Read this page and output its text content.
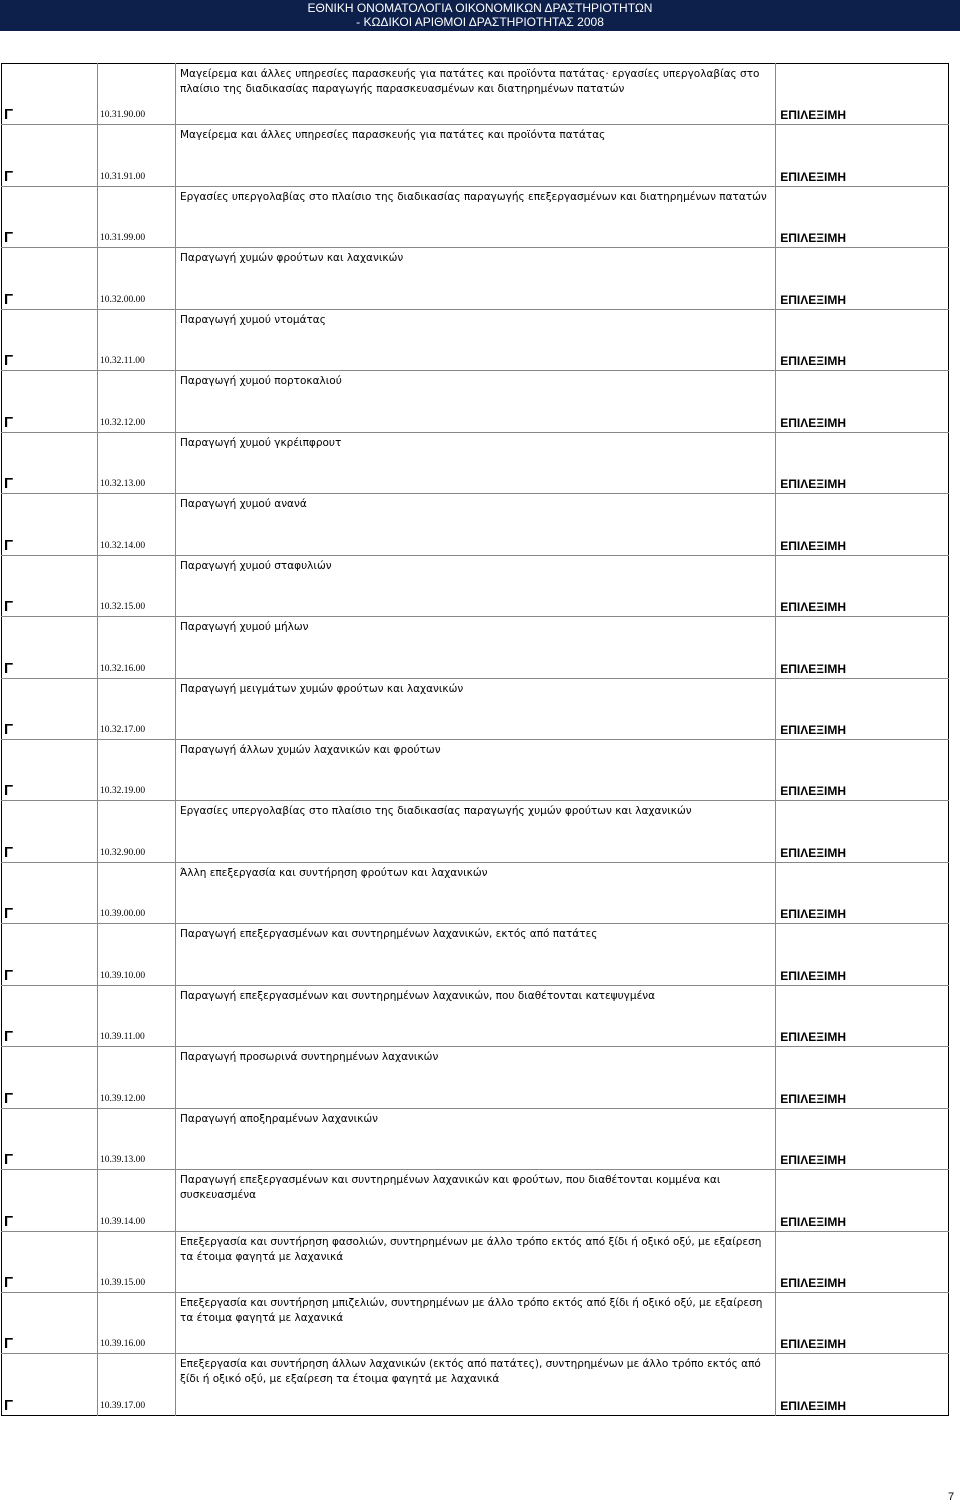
ΕΘΝΙΚΗ ΟΝΟΜΑΤΟΛΟΓΙΑ ΟΙΚΟΝΟΜΙΚΩΝ ΔΡΑΣΤΗΡΙΟΤΗΤΩΝ
- ΚΩΔΙΚΟΙ ΑΡΙΘΜΟΙ ΔΡΑΣΤΗΡΙΟΤΗΤΑΣ 2008
Μαγείρεμα και άλλες υπηρεσίες παρασκευής για πατάτες και προϊόντα πατάτας· εργασίες υπεργολαβίας στο πλαίσιο της διαδικασίας παραγωγής παρασκευασμένων και διατηρημένων πατατών
Γ	10.31.90.00	ΕΠΙΛΕΞΙΜΗ
Μαγείρεμα και άλλες υπηρεσίες παρασκευής για πατάτες και προϊόντα πατάτας
Γ	10.31.91.00	ΕΠΙΛΕΞΙΜΗ
Εργασίες υπεργολαβίας στο πλαίσιο της διαδικασίας παραγωγής επεξεργασμένων και διατηρημένων πατατών
Γ	10.31.99.00	ΕΠΙΛΕΞΙΜΗ
Παραγωγή χυμών φρούτων και λαχανικών
Γ	10.32.00.00	ΕΠΙΛΕΞΙΜΗ
Παραγωγή χυμού ντομάτας
Γ	10.32.11.00	ΕΠΙΛΕΞΙΜΗ
Παραγωγή χυμού πορτοκαλιού
Γ	10.32.12.00	ΕΠΙΛΕΞΙΜΗ
Παραγωγή χυμού γκρέιπφρουτ
Γ	10.32.13.00	ΕΠΙΛΕΞΙΜΗ
Παραγωγή χυμού ανανά
Γ	10.32.14.00	ΕΠΙΛΕΞΙΜΗ
Παραγωγή χυμού σταφυλιών
Γ	10.32.15.00	ΕΠΙΛΕΞΙΜΗ
Παραγωγή χυμού μήλων
Γ	10.32.16.00	ΕΠΙΛΕΞΙΜΗ
Παραγωγή μειγμάτων χυμών φρούτων και λαχανικών
Γ	10.32.17.00	ΕΠΙΛΕΞΙΜΗ
Παραγωγή άλλων χυμών λαχανικών και φρούτων
Γ	10.32.19.00	ΕΠΙΛΕΞΙΜΗ
Εργασίες υπεργολαβίας στο πλαίσιο της διαδικασίας παραγωγής χυμών φρούτων και λαχανικών
Γ	10.32.90.00	ΕΠΙΛΕΞΙΜΗ
Άλλη επεξεργασία και συντήρηση φρούτων και λαχανικών
Γ	10.39.00.00	ΕΠΙΛΕΞΙΜΗ
Παραγωγή επεξεργασμένων και συντηρημένων λαχανικών, εκτός από πατάτες
Γ	10.39.10.00	ΕΠΙΛΕΞΙΜΗ
Παραγωγή επεξεργασμένων και συντηρημένων λαχανικών, που διαθέτονται κατεψυγμένα
Γ	10.39.11.00	ΕΠΙΛΕΞΙΜΗ
Παραγωγή προσωρινά συντηρημένων λαχανικών
Γ	10.39.12.00	ΕΠΙΛΕΞΙΜΗ
Παραγωγή αποξηραμένων λαχανικών
Γ	10.39.13.00	ΕΠΙΛΕΞΙΜΗ
Παραγωγή επεξεργασμένων και συντηρημένων λαχανικών και φρούτων, που διαθέτονται κομμένα και συσκευασμένα
Γ	10.39.14.00	ΕΠΙΛΕΞΙΜΗ
Επεξεργασία και συντήρηση φασολιών, συντηρημένων με άλλο τρόπο εκτός από ξίδι ή οξικό οξύ, με εξαίρεση τα έτοιμα φαγητά με λαχανικά
Γ	10.39.15.00	ΕΠΙΛΕΞΙΜΗ
Επεξεργασία και συντήρηση μπιζελιών, συντηρημένων με άλλο τρόπο εκτός από ξίδι ή οξικό οξύ, με εξαίρεση τα έτοιμα φαγητά με λαχανικά
Γ	10.39.16.00	ΕΠΙΛΕΞΙΜΗ
Επεξεργασία και συντήρηση άλλων λαχανικών (εκτός από πατάτες), συντηρημένων με άλλο τρόπο εκτός από ξίδι ή οξικό οξύ, με εξαίρεση τα έτοιμα φαγητά με λαχανικά
Γ	10.39.17.00	ΕΠΙΛΕΞΙΜΗ
7
